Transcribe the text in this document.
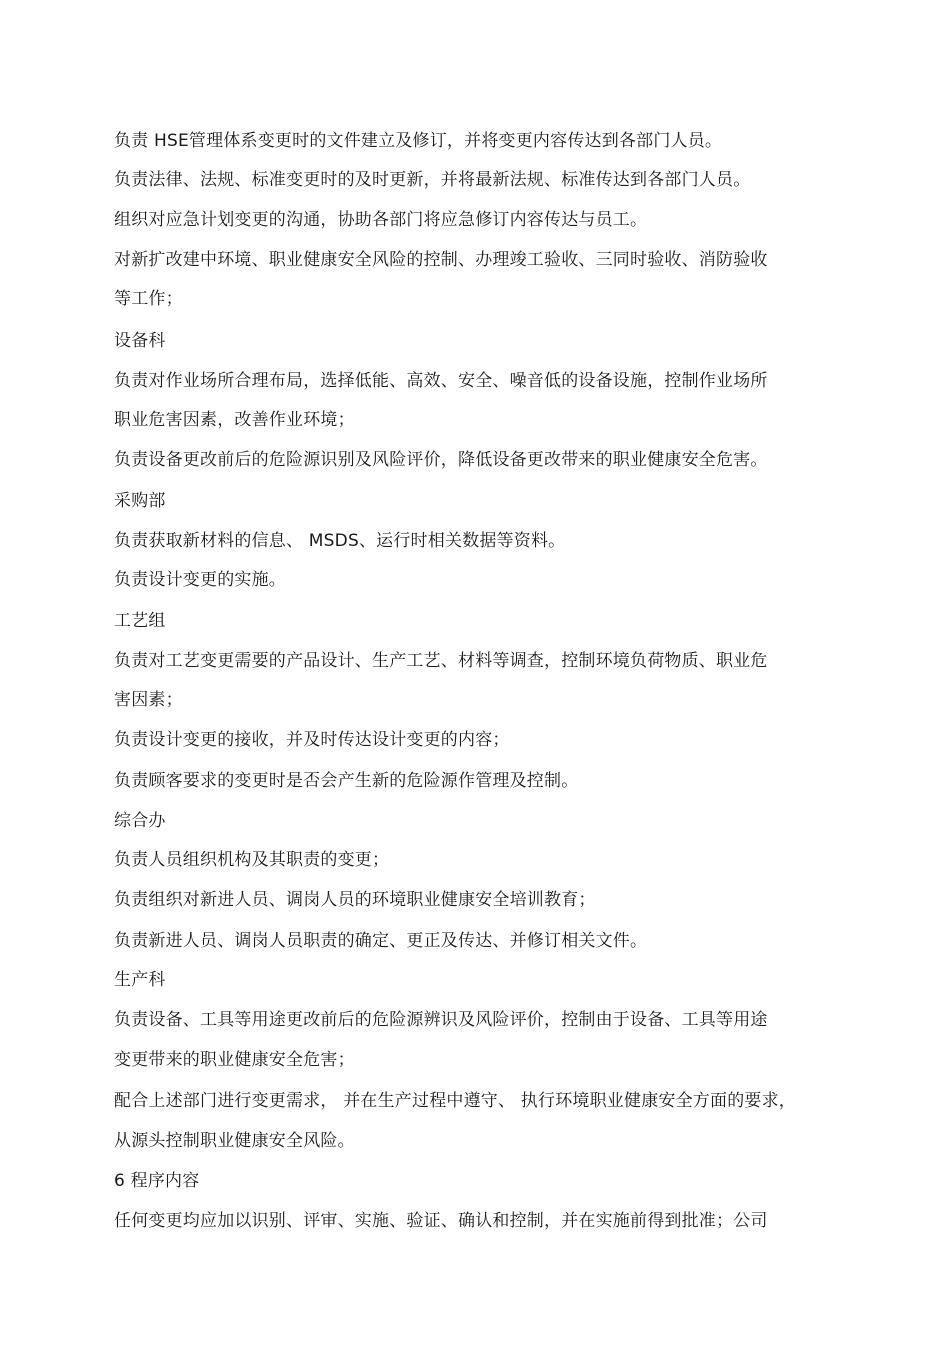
负责 HSE管理体系变更时的文件建立及修订，并将变更内容传达到各部门人员。
负责法律、法规、标准变更时的及时更新，并将最新法规、标准传达到各部门人员。
组织对应急计划变更的沟通，协助各部门将应急修订内容传达与员工。
对新扩改建中环境、职业健康安全风险的控制、办理竣工验收、三同时验收、消防验收
等工作；
设备科
负责对作业场所合理布局，选择低能、高效、安全、噪音低的设备设施，控制作业场所
职业危害因素，改善作业环境；
负责设备更改前后的危险源识别及风险评价，降低设备更改带来的职业健康安全危害。
采购部
负责获取新材料的信息、 MSDS、运行时相关数据等资料。
负责设计变更的实施。
工艺组
负责对工艺变更需要的产品设计、生产工艺、材料等调查，控制环境负荷物质、职业危
害因素；
负责设计变更的接收，并及时传达设计变更的内容；
负责顾客要求的变更时是否会产生新的危险源作管理及控制。
综合办
负责人员组织机构及其职责的变更；
负责组织对新进人员、调岗人员的环境职业健康安全培训教育；
负责新进人员、调岗人员职责的确定、更正及传达、并修订相关文件。
生产科
负责设备、工具等用途更改前后的危险源辨识及风险评价，控制由于设备、工具等用途
变更带来的职业健康安全危害；
配合上述部门进行变更需求， 并在生产过程中遵守、 执行环境职业健康安全方面的要求，
从源头控制职业健康安全风险。
6 程序内容
任何变更均应加以识别、评审、实施、验证、确认和控制，并在实施前得到批准；公司
